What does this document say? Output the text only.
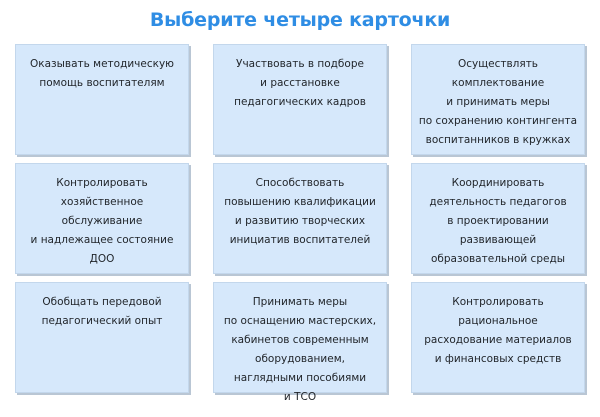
Выберите четыре карточки
Оказывать методическую
помощь воспитателям
Участвовать в подборе
и расстановке
педагогических кадров
Осуществлять
комплектование
и принимать меры
по сохранению контингента
воспитанников в кружках
Контролировать
хозяйственное
обслуживание
и надлежащее состояние
ДОО
Способствовать
повышению квалификации
и развитию творческих
инициатив воспитателей
Координировать
деятельность педагогов
в проектировании
развивающей
образовательной среды
Обобщать передовой
педагогический опыт
Принимать меры
по оснащению мастерских,
кабинетов современным
оборудованием,
наглядными пособиями
и ТСО
Контролировать
рациональное
расходование материалов
и финансовых средств
